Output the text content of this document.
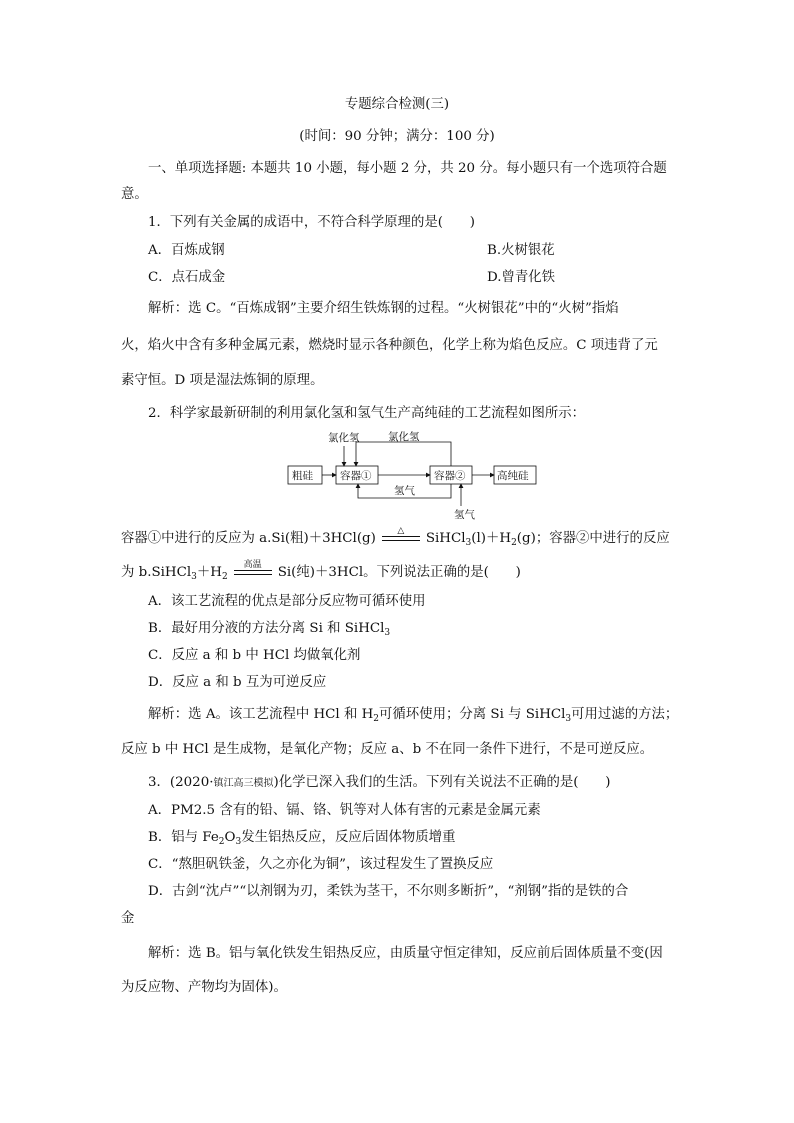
专题综合检测(三)
(时间：90 分钟；满分：100 分)
一、单项选择题: 本题共 10 小题，每小题 2 分，共 20 分。每小题只有一个选项符合题
意。
1．下列有关金属的成语中，不符合科学原理的是(　　)
A．百炼成钢	B.火树银花
C．点石成金	D.曾青化铁
解析：选 C。“百炼成钢”主要介绍生铁炼钢的过程。“火树银花”中的“火树”指焰
火，焰火中含有多种金属元素，燃烧时显示各种颜色，化学上称为焰色反应。C 项违背了元
素守恒。D 项是湿法炼铜的原理。
2．科学家最新研制的利用氯化氢和氢气生产高纯硅的工艺流程如图所示：
粗硅	容器①	容器②	高纯硅
氯化氢	氯化氢
氢气
氢气
容器①中进行的反应为 a.Si(粗)＋3HCl(g)
△
$SiHCl_3(l)+H_2(g)$；容器②中进行的反应
为 $b.SiHCl_3+H_2$
高温
Si(纯)＋3HCl。下列说法正确的是(　　)
A．该工艺流程的优点是部分反应物可循环使用
B．最好用分液的方法分离 Si 和 SiHCl$_3$
C．反应 a 和 b 中 HCl 均做氧化剂
D．反应 a 和 b 互为可逆反应
解析：选 A。该工艺流程中 HCl 和 $H_2$可循环使用；分离 Si 与 SiHCl$_3$可用过滤的方法；
反应 b 中 HCl 是生成物，是氧化产物；反应 a、b 不在同一条件下进行，不是可逆反应。
3．(2020·镇江高三模拟)化学已深入我们的生活。下列有关说法不正确的是(　　)
A．PM2.5 含有的铅、镉、铬、钒等对人体有害的元素是金属元素
B．铝与 $Fe_2O_3$发生铝热反应，反应后固体物质增重
C．“熬胆矾铁釜，久之亦化为铜”，该过程发生了置换反应
D．古剑“沈卢”“以剂钢为刃，柔铁为茎干，不尔则多断折”，“剂钢”指的是铁的合
金
解析：选 B。铝与氧化铁发生铝热反应，由质量守恒定律知，反应前后固体质量不变(因
为反应物、产物均为固体)。
